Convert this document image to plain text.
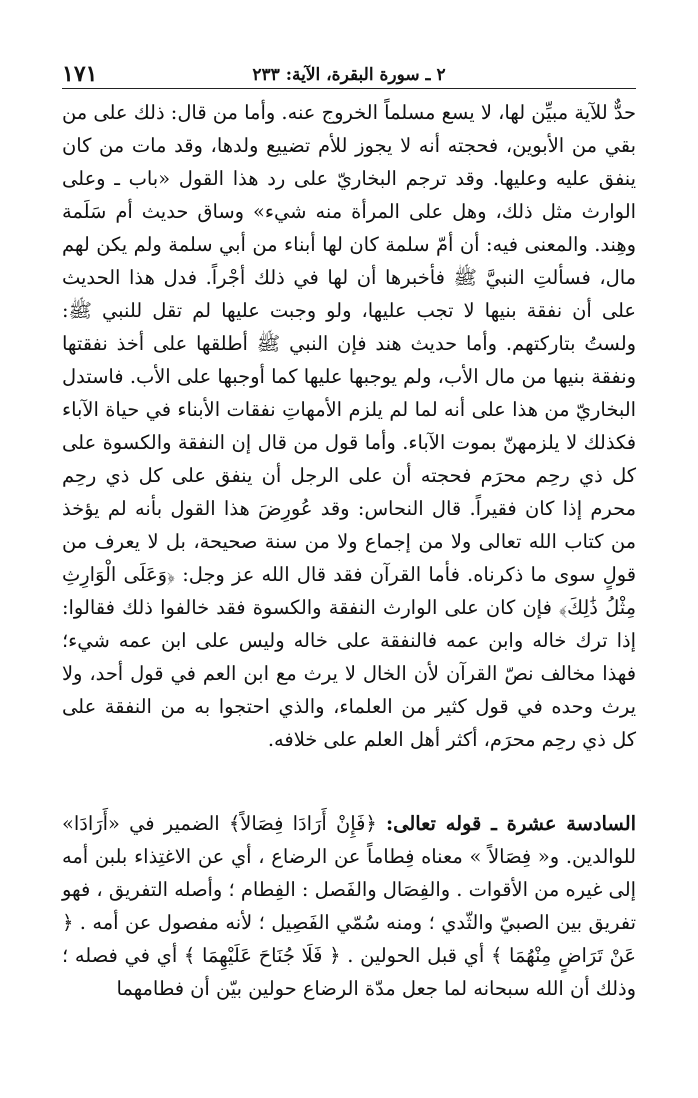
١٧١	٢ ـ سورة البقرة، الآية: ٢٣٣

حدٌّ للآية مبيِّن لها، لا يسع مسلماً الخروج عنه. وأما من قال: ذلك على من بقي من الأبوين، فحجته أنه لا يجوز للأم تضييع ولدها، وقد مات من كان ينفق عليه وعليها. وقد ترجم البخاريّ على رد هذا القول «باب ـ وعلى الوارث مثل ذلك، وهل على المرأة منه شيء» وساق حديث أم سَلَمة وهِند. والمعنى فيه: أن أمّ سلمة كان لها أبناء من أبي سلمة ولم يكن لهم مال، فسألتِ النبيَّ ﷺ فأخبرها أن لها في ذلك أجْراً. فدل هذا الحديث على أن نفقة بنيها لا تجب عليها، ولو وجبت عليها لم تقل للنبي ﷺ: ولستُ بتاركتهم. وأما حديث هند فإن النبي ﷺ أطلقها على أخذ نفقتها ونفقة بنيها من مال الأب، ولم يوجبها عليها كما أوجبها على الأب. فاستدل البخاريّ من هذا على أنه لما لم يلزم الأمهاتِ نفقات الأبناء في حياة الآباء فكذلك لا يلزمهنّ بموت الآباء. وأما قول من قال إن النفقة والكسوة على كل ذي رحِم محرَم فحجته أن على الرجل أن ينفق على كل ذي رحِم محرم إذا كان فقيراً. قال النحاس: وقد عُورِضَ هذا القول بأنه لم يؤخذ من كتاب الله تعالى ولا من إجماع ولا من سنة صحيحة، بل لا يعرف من قولٍ سوى ما ذكرناه. فأما القرآن فقد قال الله عز وجل: ﴿وَعَلَى الْوَارِثِ مِثْلُ ذَٰلِكَ﴾ فإن كان على الوارث النفقة والكسوة فقد خالفوا ذلك فقالوا: إذا ترك خاله وابن عمه فالنفقة على خاله وليس على ابن عمه شيء؛ فهذا مخالف نصّ القرآن لأن الخال لا يرث مع ابن العم في قول أحد، ولا يرث وحده في قول كثير من العلماء، والذي احتجوا به من النفقة على كل ذي رحِم محرَم، أكثر أهل العلم على خلافه.

السادسة عشرة ـ قوله تعالى: ﴿فَإِنْ أَرَادَا فِصَالاً﴾ الضمير في «أَرَادَا» للوالدين. و« فِصَالاً » معناه فِطاماً عن الرضاع ، أي عن الاغتِذاء بلبن أمه إلى غيره من الأقوات . والفِصَال والفَصل : الفِطام ؛ وأصله التفريق ، فهو تفريق بين الصبيّ والثّدي ؛ ومنه سُمّي الفَصِيل ؛ لأنه مفصول عن أمه . ﴿ عَنْ تَرَاضٍ مِنْهُمَا ﴾ أي قبل الحولين . ﴿ فَلَا جُنَاحَ عَلَيْهِمَا ﴾ أي في فصله ؛ وذلك أن الله سبحانه لما جعل مدّة الرضاع حولين بيّن أن فطامهما
